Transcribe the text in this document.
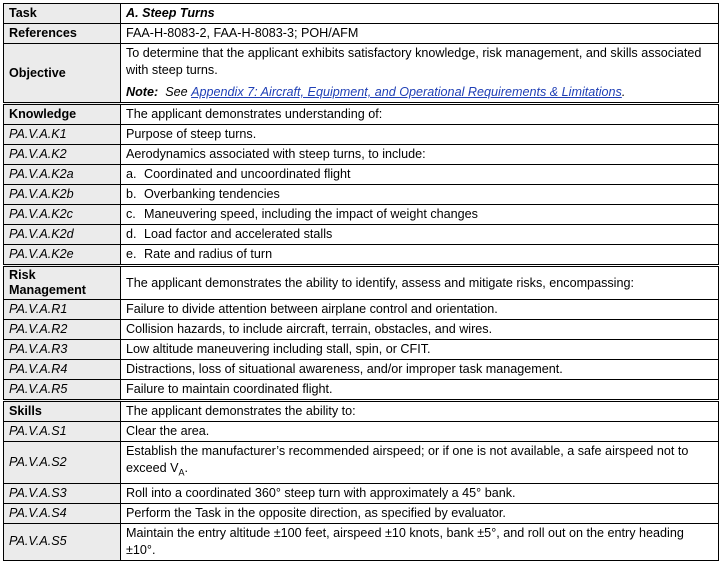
Task	A. Steep Turns
References	FAA-H-8083-2, FAA-H-8083-3; POH/AFM
Objective	To determine that the applicant exhibits satisfactory knowledge, risk management, and skills associated with steep turns.
Note: See Appendix 7: Aircraft, Equipment, and Operational Requirements & Limitations.

Knowledge	The applicant demonstrates understanding of:
PA.V.A.K1	Purpose of steep turns.
PA.V.A.K2	Aerodynamics associated with steep turns, to include:
PA.V.A.K2a	a. Coordinated and uncoordinated flight
PA.V.A.K2b	b. Overbanking tendencies
PA.V.A.K2c	c. Maneuvering speed, including the impact of weight changes
PA.V.A.K2d	d. Load factor and accelerated stalls
PA.V.A.K2e	e. Rate and radius of turn
Risk
Management	The applicant demonstrates the ability to identify, assess and mitigate risks, encompassing:
PA.V.A.R1	Failure to divide attention between airplane control and orientation.
PA.V.A.R2	Collision hazards, to include aircraft, terrain, obstacles, and wires.
PA.V.A.R3	Low altitude maneuvering including stall, spin, or CFIT.
PA.V.A.R4	Distractions, loss of situational awareness, and/or improper task management.
PA.V.A.R5	Failure to maintain coordinated flight.
Skills	The applicant demonstrates the ability to:
PA.V.A.S1	Clear the area.
PA.V.A.S2	Establish the manufacturer’s recommended airspeed; or if one is not available, a safe airspeed not to exceed $V_A$.
PA.V.A.S3	Roll into a coordinated 360° steep turn with approximately a 45° bank.
PA.V.A.S4	Perform the Task in the opposite direction, as specified by evaluator.
PA.V.A.S5	Maintain the entry altitude ±100 feet, airspeed ±10 knots, bank ±5°, and roll out on the entry heading ±10°.
